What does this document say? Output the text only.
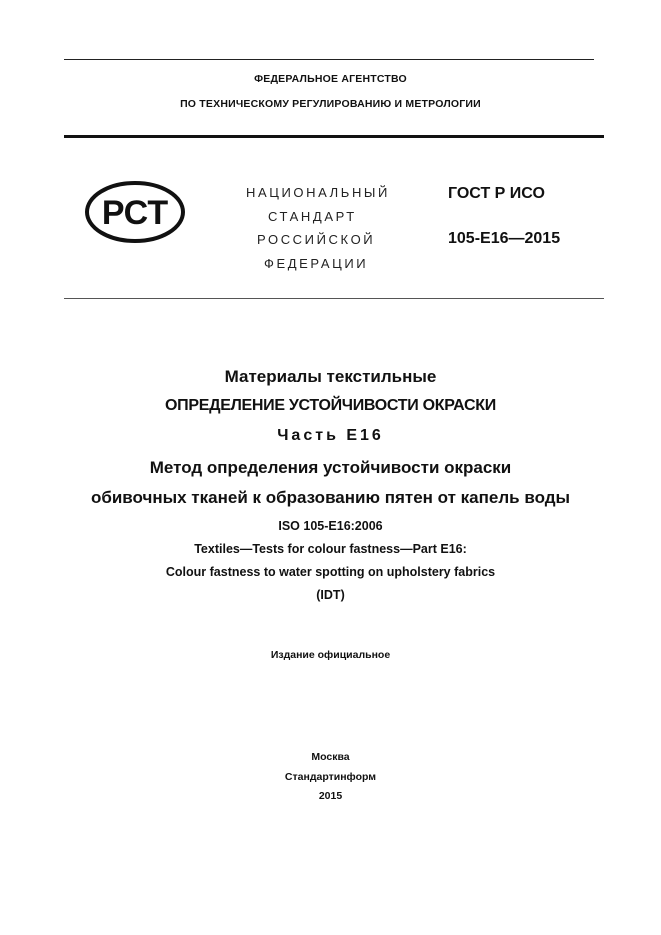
ФЕДЕРАЛЬНОЕ АГЕНТСТВО
ПО ТЕХНИЧЕСКОМУ РЕГУЛИРОВАНИЮ И МЕТРОЛОГИИ
РСТ
НАЦИОНАЛЬНЫЙ
СТАНДАРТ
РОССИЙСКОЙ
ФЕДЕРАЦИИ
ГОСТ Р ИСО
105-E16—2015
Материалы текстильные
ОПРЕДЕЛЕНИЕ УСТОЙЧИВОСТИ ОКРАСКИ
Часть E16
Метод определения устойчивости окраски
обивочных тканей к образованию пятен от капель воды
ISO 105-E16:2006
Textiles—Tests for colour fastness—Part E16:
Colour fastness to water spotting on upholstery fabrics
(IDT)
Издание официальное
Москва
Стандартинформ
2015
